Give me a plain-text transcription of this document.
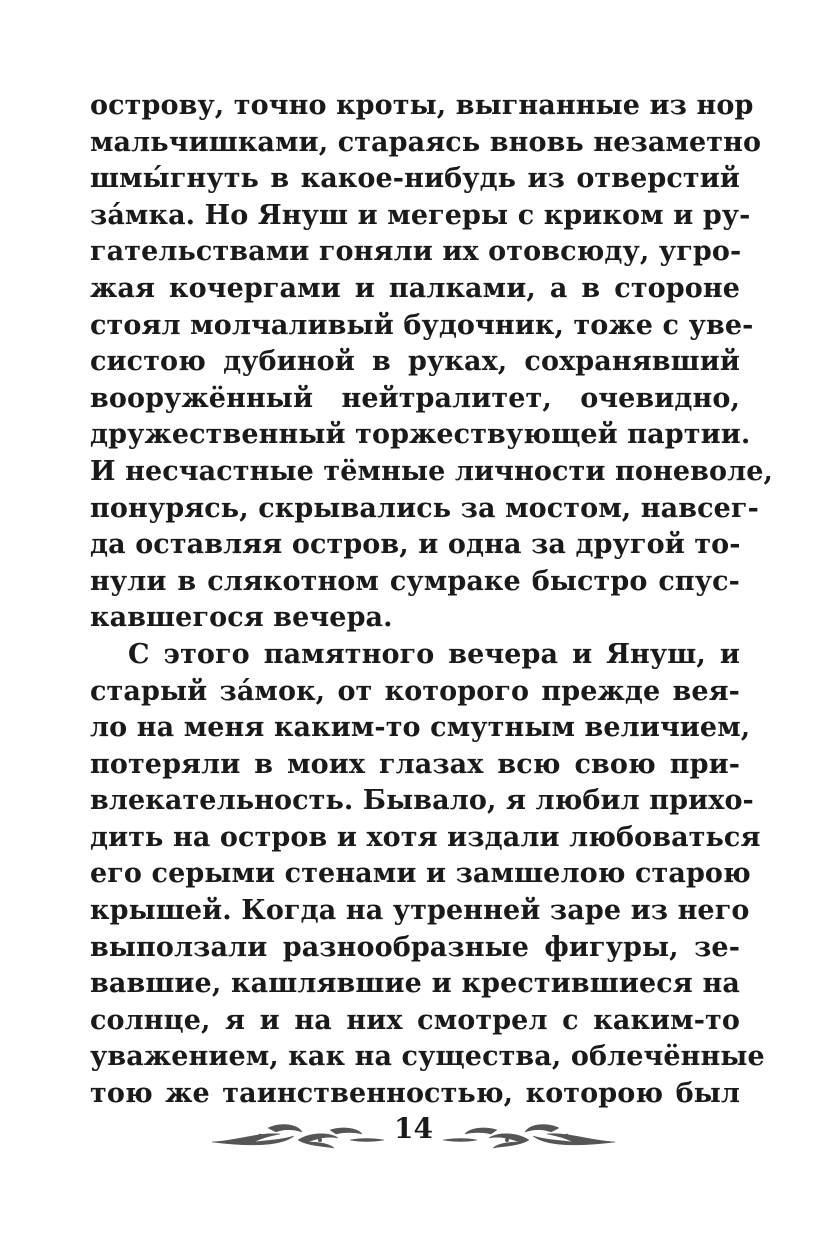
острову, точно кроты, выгнанные из нор
мальчишками, стараясь вновь незаметно
шмы́гнуть в какое-нибудь из отверстий
за́мка. Но Януш и мегеры с криком и ру-
гательствами гоняли их отовсюду, угро-
жая кочергами и палками, а в стороне
стоял молчаливый будочник, тоже с уве-
систою дубиной в руках, сохранявший
вооружённый нейтралитет, очевидно,
дружественный торжествующей партии.
И несчастные тёмные личности поневоле,
понурясь, скрывались за мостом, навсег-
да оставляя остров, и одна за другой то-
нули в слякотном сумраке быстро спус-
кавшегося вечера.
С этого памятного вечера и Януш, и
старый за́мок, от которого прежде вея-
ло на меня каким-то смутным величием,
потеряли в моих глазах всю свою при-
влекательность. Бывало, я любил прихо-
дить на остров и хотя издали любоваться
его серыми стенами и замшелою старою
крышей. Когда на утренней заре из него
выползали разнообразные фигуры, зе-
вавшие, кашлявшие и крестившиеся на
солнце, я и на них смотрел с каким-то
уважением, как на существа, облечённые
тою же таинственностью, которою был
14
